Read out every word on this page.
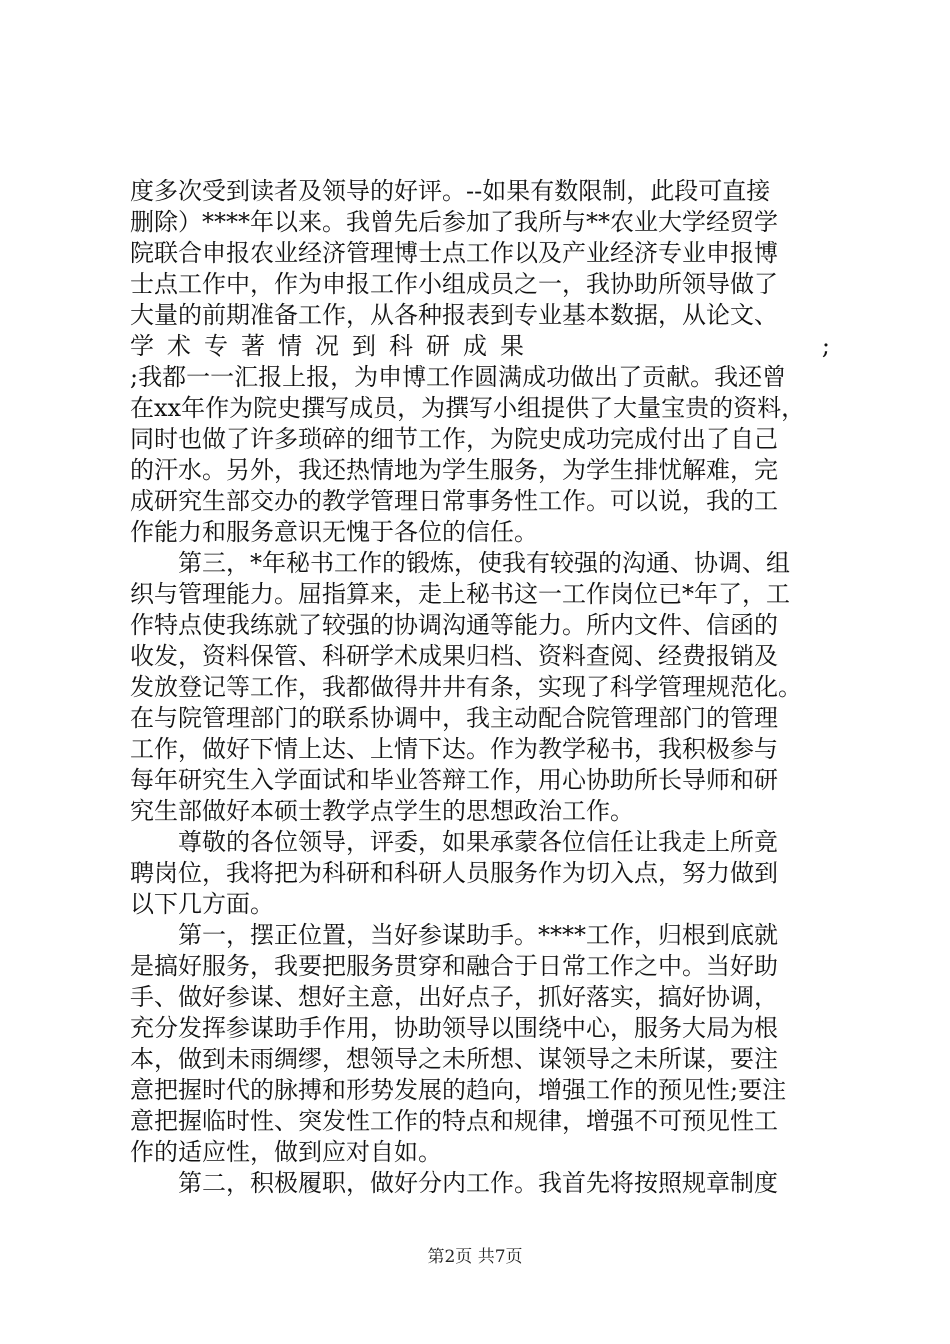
度多次受到读者及领导的好评。--如果有数限制，此段可直接
删除）****年以来。我曾先后参加了我所与**农业大学经贸学
院联合申报农业经济管理博士点工作以及产业经济专业申报博
士点工作中，作为申报工作小组成员之一，我协助所领导做了
大量的前期准备工作，从各种报表到专业基本数据，从论文、
学术专著情况到科研成果	;
;我都一一汇报上报，为申博工作圆满成功做出了贡献。我还曾
在xx年作为院史撰写成员，为撰写小组提供了大量宝贵的资料，
同时也做了许多琐碎的细节工作，为院史成功完成付出了自己
的汗水。另外，我还热情地为学生服务，为学生排忧解难，完
成研究生部交办的教学管理日常事务性工作。可以说，我的工
作能力和服务意识无愧于各位的信任。
第三，*年秘书工作的锻炼，使我有较强的沟通、协调、组
织与管理能力。屈指算来，走上秘书这一工作岗位已*年了，工
作特点使我练就了较强的协调沟通等能力。所内文件、信函的
收发，资料保管、科研学术成果归档、资料查阅、经费报销及
发放登记等工作，我都做得井井有条，实现了科学管理规范化。
在与院管理部门的联系协调中，我主动配合院管理部门的管理
工作，做好下情上达、上情下达。作为教学秘书，我积极参与
每年研究生入学面试和毕业答辩工作，用心协助所长导师和研
究生部做好本硕士教学点学生的思想政治工作。
尊敬的各位领导，评委，如果承蒙各位信任让我走上所竟
聘岗位，我将把为科研和科研人员服务作为切入点，努力做到
以下几方面。
第一，摆正位置，当好参谋助手。****工作，归根到底就
是搞好服务，我要把服务贯穿和融合于日常工作之中。当好助
手、做好参谋、想好主意，出好点子，抓好落实，搞好协调，
充分发挥参谋助手作用，协助领导以围绕中心，服务大局为根
本，做到未雨绸缪，想领导之未所想、谋领导之未所谋，要注
意把握时代的脉搏和形势发展的趋向，增强工作的预见性;要注
意把握临时性、突发性工作的特点和规律，增强不可预见性工
第2页 共7页
作的适应性，做到应对自如。
第二，积极履职，做好分内工作。我首先将按照规章制度
